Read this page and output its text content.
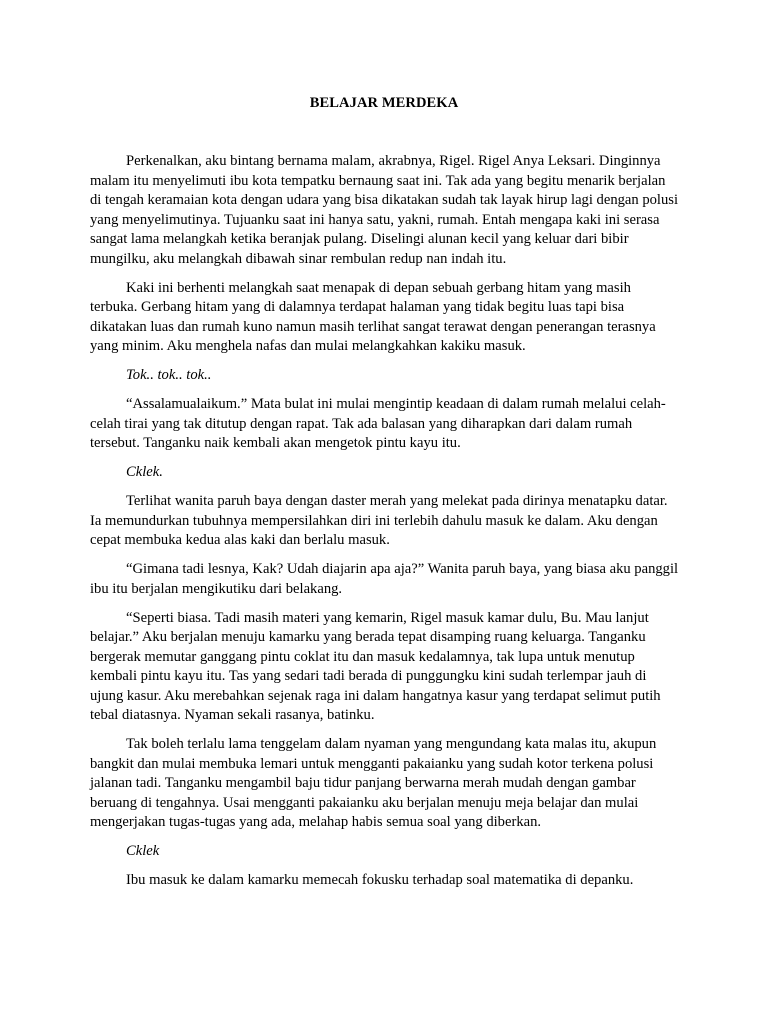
BELAJAR MERDEKA

Perkenalkan, aku bintang bernama malam, akrabnya, Rigel. Rigel Anya Leksari. Dinginnya malam itu menyelimuti ibu kota tempatku bernaung saat ini. Tak ada yang begitu menarik berjalan di tengah keramaian kota dengan udara yang bisa dikatakan sudah tak layak hirup lagi dengan polusi yang menyelimutinya. Tujuanku saat ini hanya satu, yakni, rumah. Entah mengapa kaki ini serasa sangat lama melangkah ketika beranjak pulang. Diselingi alunan kecil yang keluar dari bibir mungilku, aku melangkah dibawah sinar rembulan redup nan indah itu.

Kaki ini berhenti melangkah saat menapak di depan sebuah gerbang hitam yang masih terbuka. Gerbang hitam yang di dalamnya terdapat halaman yang tidak begitu luas tapi bisa dikatakan luas dan rumah kuno namun masih terlihat sangat terawat dengan penerangan terasnya yang minim. Aku menghela nafas dan mulai melangkahkan kakiku masuk.

Tok.. tok.. tok..

“Assalamualaikum.” Mata bulat ini mulai mengintip keadaan di dalam rumah melalui celah-celah tirai yang tak ditutup dengan rapat. Tak ada balasan yang diharapkan dari dalam rumah tersebut. Tanganku naik kembali akan mengetok pintu kayu itu.

Cklek.

Terlihat wanita paruh baya dengan daster merah yang melekat pada dirinya menatapku datar. Ia memundurkan tubuhnya mempersilahkan diri ini terlebih dahulu masuk ke dalam. Aku dengan cepat membuka kedua alas kaki dan berlalu masuk.

“Gimana tadi lesnya, Kak? Udah diajarin apa aja?” Wanita paruh baya, yang biasa aku panggil ibu itu berjalan mengikutiku dari belakang.

“Seperti biasa. Tadi masih materi yang kemarin, Rigel masuk kamar dulu, Bu. Mau lanjut belajar.” Aku berjalan menuju kamarku yang berada tepat disamping ruang keluarga. Tanganku bergerak memutar ganggang pintu coklat itu dan masuk kedalamnya, tak lupa untuk menutup kembali pintu kayu itu. Tas yang sedari tadi berada di punggungku kini sudah terlempar jauh di ujung kasur. Aku merebahkan sejenak raga ini dalam hangatnya kasur yang terdapat selimut putih tebal diatasnya. Nyaman sekali rasanya, batinku.

Tak boleh terlalu lama tenggelam dalam nyaman yang mengundang kata malas itu, akupun bangkit dan mulai membuka lemari untuk mengganti pakaianku yang sudah kotor terkena polusi jalanan tadi. Tanganku mengambil baju tidur panjang berwarna merah mudah dengan gambar beruang di tengahnya. Usai mengganti pakaianku aku berjalan menuju meja belajar dan mulai mengerjakan tugas-tugas yang ada, melahap habis semua soal yang diberkan.

Cklek

Ibu masuk ke dalam kamarku memecah fokusku terhadap soal matematika di depanku.
